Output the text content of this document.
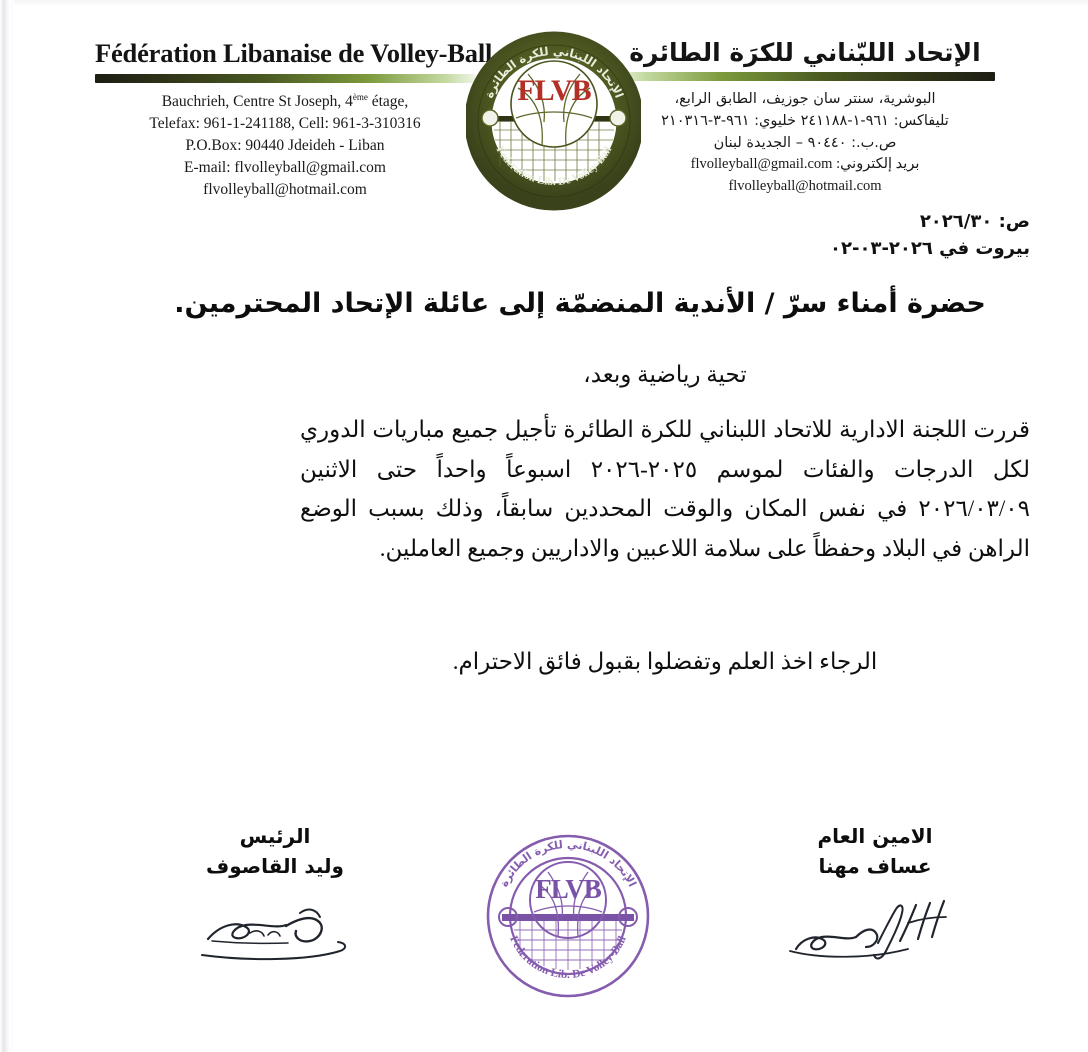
Fédération Libanaise de Volley-Ball
Bauchrieh, Centre St Joseph, 4ème étage,
Telefax: 961-1-241188, Cell: 961-3-310316
P.O.Box: 90440 Jdeideh - Liban
E-mail: flvolleyball@gmail.com
flvolleyball@hotmail.com
الإتحاد اللبّناني للكرَة الطائرة
البوشرية، سنتر سان جوزيف، الطابق الرابع،
تليفاكس: ٩٦١-١-٢٤١١٨٨ خليوي: ٩٦١-٣-٢١٠٣١٦
ص.ب.: ٩٠٤٤٠ – الجديدة لبنان
بريد إلكتروني: flvolleyball@gmail.com
flvolleyball@hotmail.com
FLVB
الإتحاد اللبناني للكرة الطائرة
Federation Lib. De Volley-Ball
ص: ٢٠٢٦/٣٠
بيروت في ٢٠٢٦-٠٣-٠٢
حضرة أمناء سرّ / الأندية المنضمّة إلى عائلة الإتحاد المحترمين.

تحية رياضية وبعد،

قررت اللجنة الادارية للاتحاد اللبناني للكرة الطائرة تأجيل جميع مباريات الدوري لكل الدرجات والفئات لموسم ٢٠٢٥-٢٠٢٦ اسبوعاً واحداً حتى الاثنين ٢٠٢٦/٠٣/٠٩ في نفس المكان والوقت المحددين سابقاً، وذلك بسبب الوضع الراهن في البلاد وحفظاً على سلامة اللاعبين والاداريين وجميع العاملين.

الرجاء اخذ العلم وتفضلوا بقبول فائق الاحترام.

الرئيس
وليد القاصوف
الامين العام
عساف مهنا
FLVB
الإتحاد اللبناني للكرة الطائرة
Federation Lib. De Volley-Ball
